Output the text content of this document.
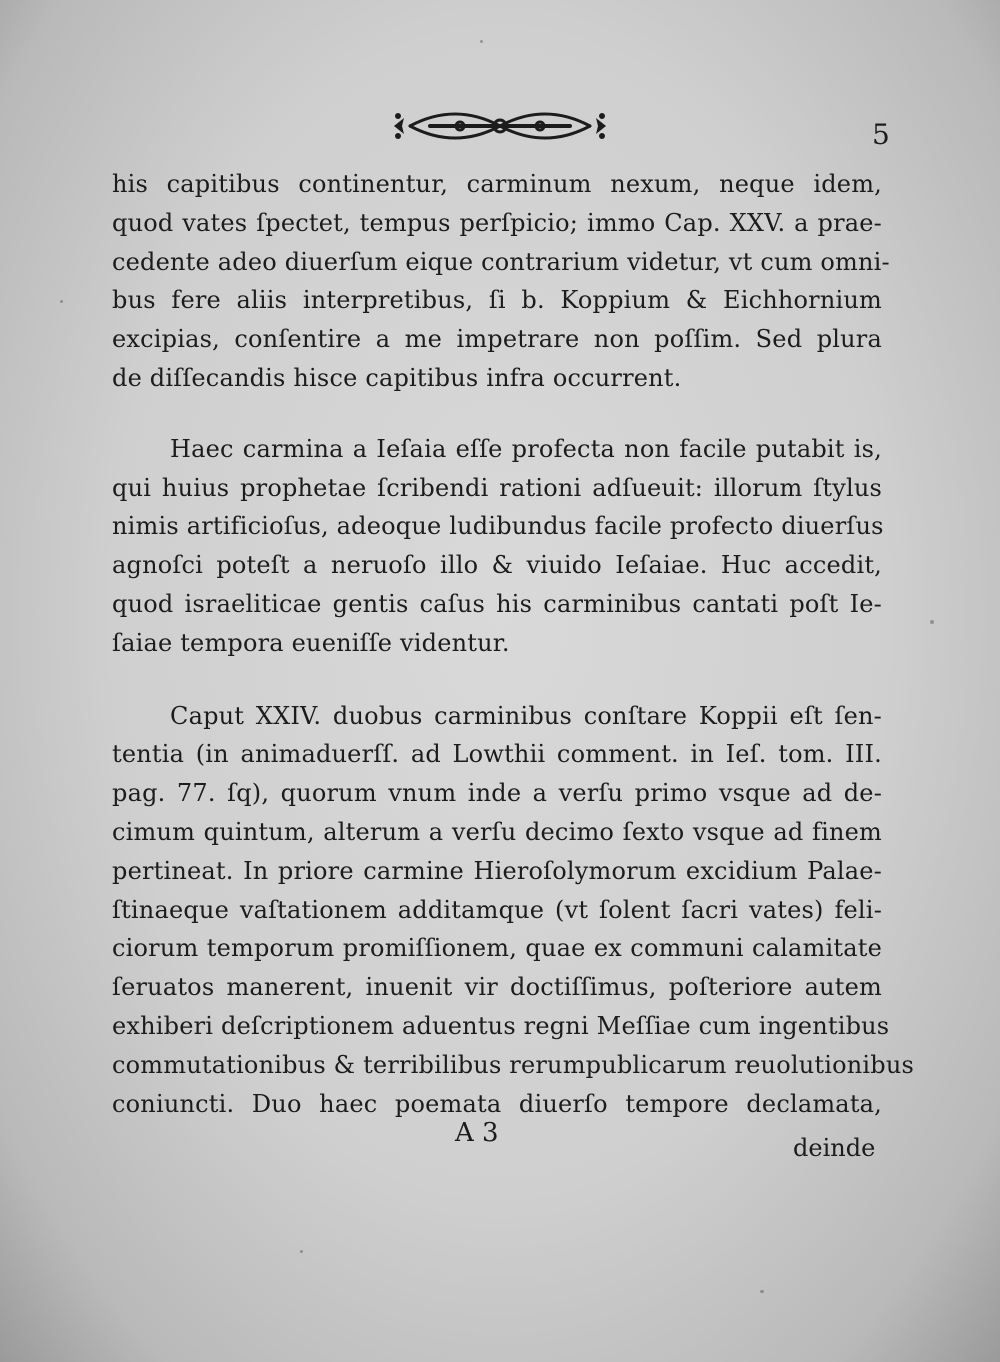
5
his capitibus continentur, carminum nexum, neque idem,
quod vates ſpectet, tempus perſpicio; immo Cap. XXV. a prae-
cedente adeo diuerſum eique contrarium videtur, vt cum omni-
bus fere aliis interpretibus, ſi b. Koppium & Eichhornium
excipias, conſentire a me impetrare non poſſim. Sed plura
de diſſecandis hisce capitibus infra occurrent.
Haec carmina a Ieſaia eſſe profecta non facile putabit is,
qui huius prophetae ſcribendi rationi adſueuit: illorum ſtylus
nimis artificioſus, adeoque ludibundus facile profecto diuerſus
agnoſci poteſt a neruoſo illo & viuido Ieſaiae. Huc accedit,
quod israeliticae gentis caſus his carminibus cantati poſt Ie-
ſaiae tempora eueniſſe videntur.
Caput XXIV. duobus carminibus conſtare Koppii eſt ſen-
tentia (in animaduerſſ. ad Lowthii comment. in Ieſ. tom. III.
pag. 77. ſq), quorum vnum inde a verſu primo vsque ad de-
cimum quintum, alterum a verſu decimo ſexto vsque ad finem
pertineat. In priore carmine Hieroſolymorum excidium Palae-
ſtinaeque vaſtationem additamque (vt ſolent ſacri vates) feli-
ciorum temporum promiſſionem, quae ex communi calamitate
ſeruatos manerent, inuenit vir doctiſſimus, poſteriore autem
exhiberi deſcriptionem aduentus regni Meſſiae cum ingentibus
commutationibus & terribilibus rerumpublicarum reuolutionibus
coniuncti. Duo haec poemata diuerſo tempore declamata,
A 3	deinde
